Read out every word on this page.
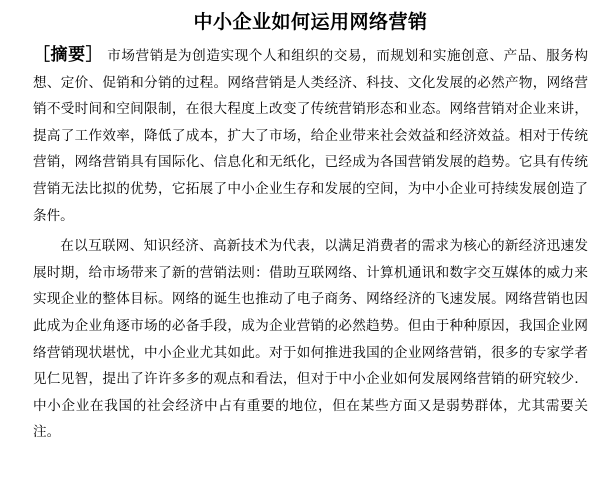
中小企业如何运用网络营销

［摘要］ 市场营销是为创造实现个人和组织的交易，而规划和实施创意、产品、服务构想、定价、促销和分销的过程。网络营销是人类经济、科技、文化发展的必然产物，网络营销不受时间和空间限制，在很大程度上改变了传统营销形态和业态。网络营销对企业来讲，提高了工作效率，降低了成本，扩大了市场，给企业带来社会效益和经济效益。相对于传统营销，网络营销具有国际化、信息化和无纸化，已经成为各国营销发展的趋势。它具有传统营销无法比拟的优势，它拓展了中小企业生存和发展的空间，为中小企业可持续发展创造了条件。

在以互联网、知识经济、高新技术为代表，以满足消费者的需求为核心的新经济迅速发展时期，给市场带来了新的营销法则：借助互联网络、计算机通讯和数字交互媒体的威力来实现企业的整体目标。网络的诞生也推动了电子商务、网络经济的飞速发展。网络营销也因此成为企业角逐市场的必备手段，成为企业营销的必然趋势。但由于种种原因，我国企业网络营销现状堪忧，中小企业尤其如此。对于如何推进我国的企业网络营销，很多的专家学者见仁见智，提出了许许多多的观点和看法，但对于中小企业如何发展网络营销的研究较少．中小企业在我国的社会经济中占有重要的地位，但在某些方面又是弱势群体，尤其需要关注。
